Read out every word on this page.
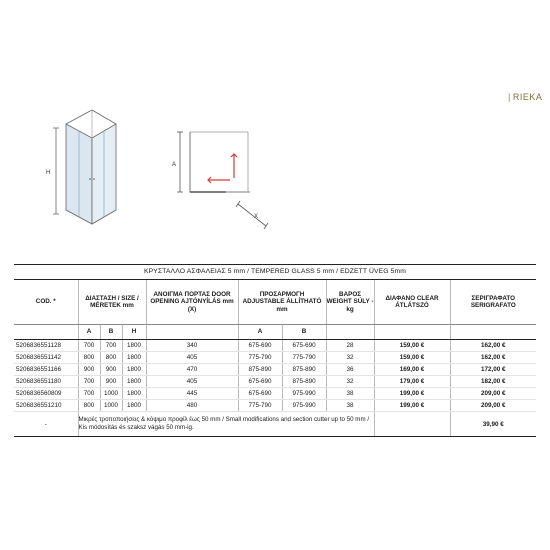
| RIEKA
H
A
X
ΚΡΥΣΤΑΛΛΟ ΑΣΦΑΛΕΙΑΣ 5 mm / TEMPERED GLASS 5 mm / EDZETT ÜVEG 5mm
COD. *	ΔΙΑΣΤΑΣΗ / SIZE / MÉRETEK mm			ΑΝΟΙΓΜΑ ΠΟΡΤΑΣ DOOR OPENING AJTÓNYÍLÁS mm
(X)	ΠΡΟΣΑΡΜΟΓΗ ADJUSTABLE ÁLLÍTHATÓ mm		ΒΑΡΟΣ WEIGHT SÚLY - kg	ΔΙΑΦΑΝΟ CLEAR ÁTLÁTSZÓ	ΣΕΡΙΓΡΑΦΑΤΟ SERIGRAFATO
	A	B	H		A	B			
5206836551128	700	700	1800	340	675-690	675-690	28	159,00 €	162,00 €
5206836551142	800	800	1800	405	775-790	775-790	32	159,00 €	162,00 €
5206836551166	900	900	1800	470	875-890	875-890	36	169,00 €	172,00 €
5206836551180	700	900	1800	405	675-690	875-890	32	179,00 €	182,00 €
5206836560809	700	1000	1800	445	675-690	975-990	38	199,00 €	209,00 €
5206836551210	800	1000	1800	480	775-790	975-990	38	199,00 €	209,00 €
-	Μικρές τροποποιήσεις & κόψιμο προφίλ έως 50 mm / Small modifications and section cutter up to 50 mm / Kis módosítás és szaksz vágás 50 mm-ig.								39,90 €
